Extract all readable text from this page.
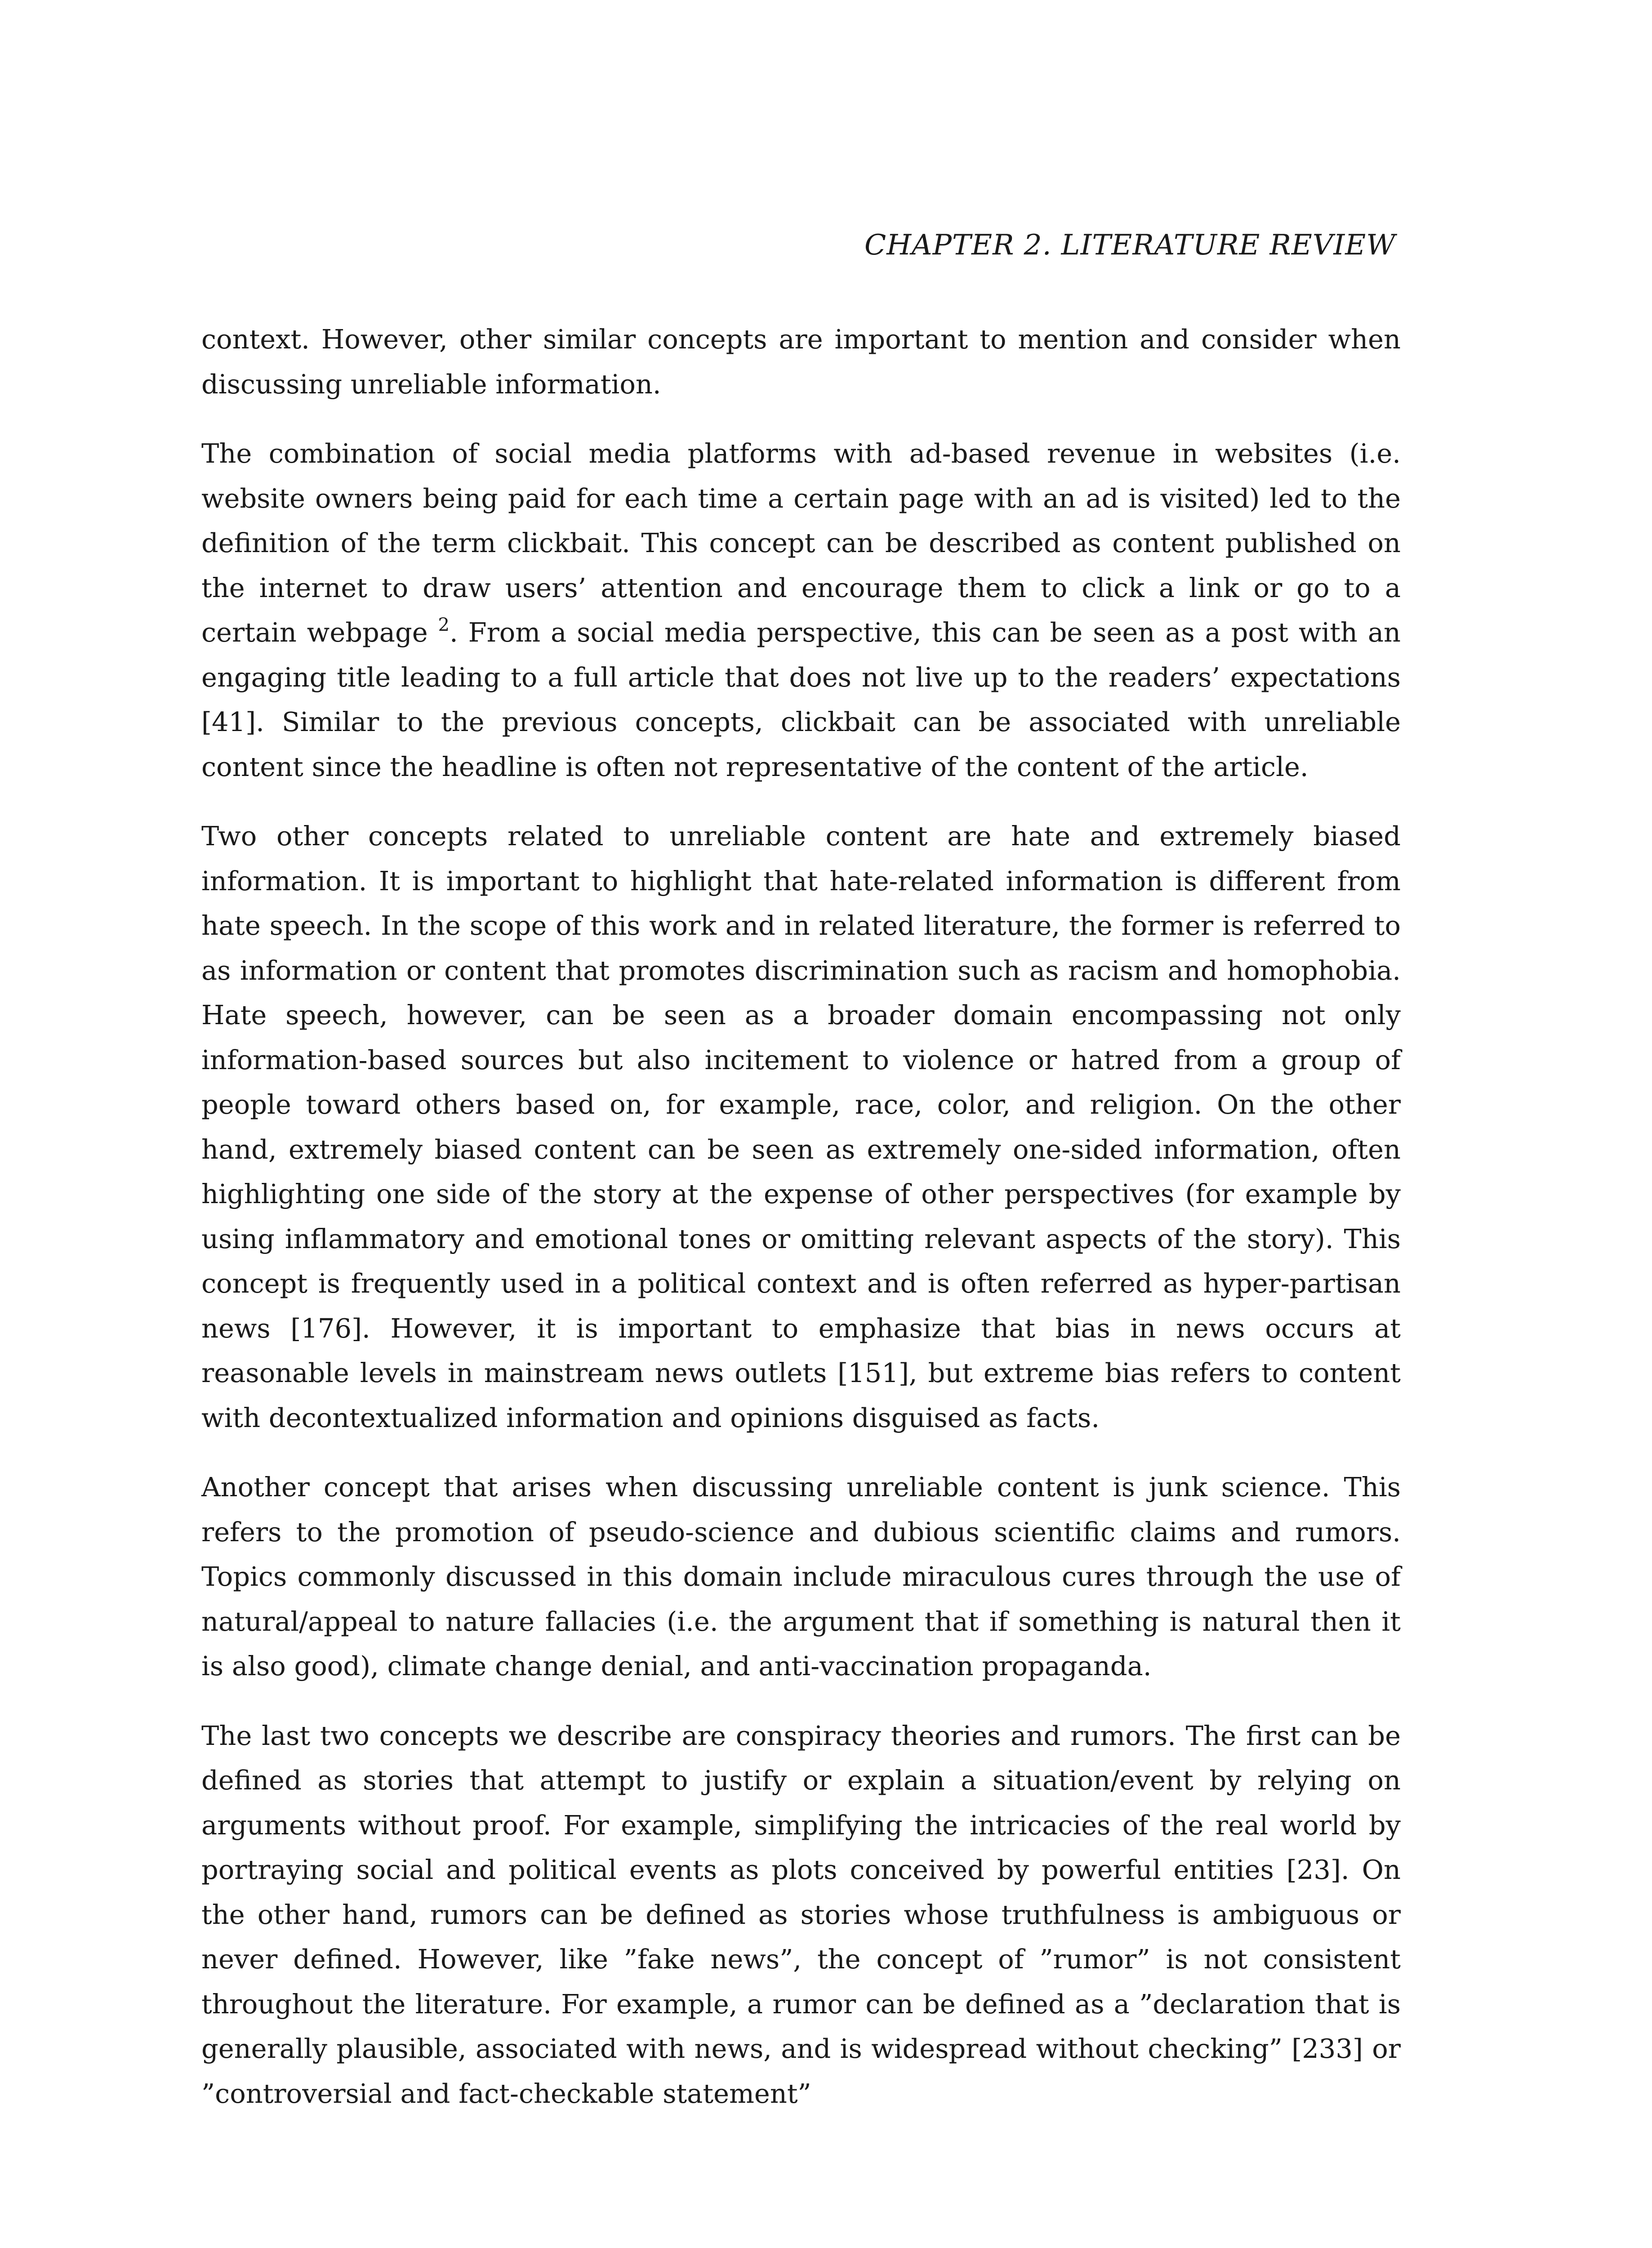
CHAPTER 2. LITERATURE REVIEW

context. However, other similar concepts are important to mention and consider when discussing unreliable information.

The combination of social media platforms with ad-based revenue in websites (i.e. website owners being paid for each time a certain page with an ad is visited) led to the definition of the term clickbait. This concept can be described as content published on the internet to draw users’ attention and encourage them to click a link or go to a certain webpage $^2$. From a social media perspective, this can be seen as a post with an engaging title leading to a full article that does not live up to the readers’ expectations [41]. Similar to the previous concepts, clickbait can be associated with unreliable content since the headline is often not representative of the content of the article.

Two other concepts related to unreliable content are hate and extremely biased information. It is important to highlight that hate-related information is different from hate speech. In the scope of this work and in related literature, the former is referred to as information or content that promotes discrimination such as racism and homophobia. Hate speech, however, can be seen as a broader domain encompassing not only information-based sources but also incitement to violence or hatred from a group of people toward others based on, for example, race, color, and religion. On the other hand, extremely biased content can be seen as extremely one-sided information, often highlighting one side of the story at the expense of other perspectives (for example by using inflammatory and emotional tones or omitting relevant aspects of the story). This concept is frequently used in a political context and is often referred as hyper-partisan news [176]. However, it is important to emphasize that bias in news occurs at reasonable levels in mainstream news outlets [151], but extreme bias refers to content with decontextualized information and opinions disguised as facts.

Another concept that arises when discussing unreliable content is junk science. This refers to the promotion of pseudo-science and dubious scientific claims and rumors. Topics commonly discussed in this domain include miraculous cures through the use of natural/appeal to nature fallacies (i.e. the argument that if something is natural then it is also good), climate change denial, and anti-vaccination propaganda.

The last two concepts we describe are conspiracy theories and rumors. The first can be defined as stories that attempt to justify or explain a situation/event by relying on arguments without proof. For example, simplifying the intricacies of the real world by portraying social and political events as plots conceived by powerful entities [23]. On the other hand, rumors can be defined as stories whose truthfulness is ambiguous or never defined. However, like ”fake news”, the concept of ”rumor” is not consistent throughout the literature. For example, a rumor can be defined as a ”declaration that is generally plausible, associated with news, and is widespread without checking” [233] or ”controversial and fact-checkable statement”
